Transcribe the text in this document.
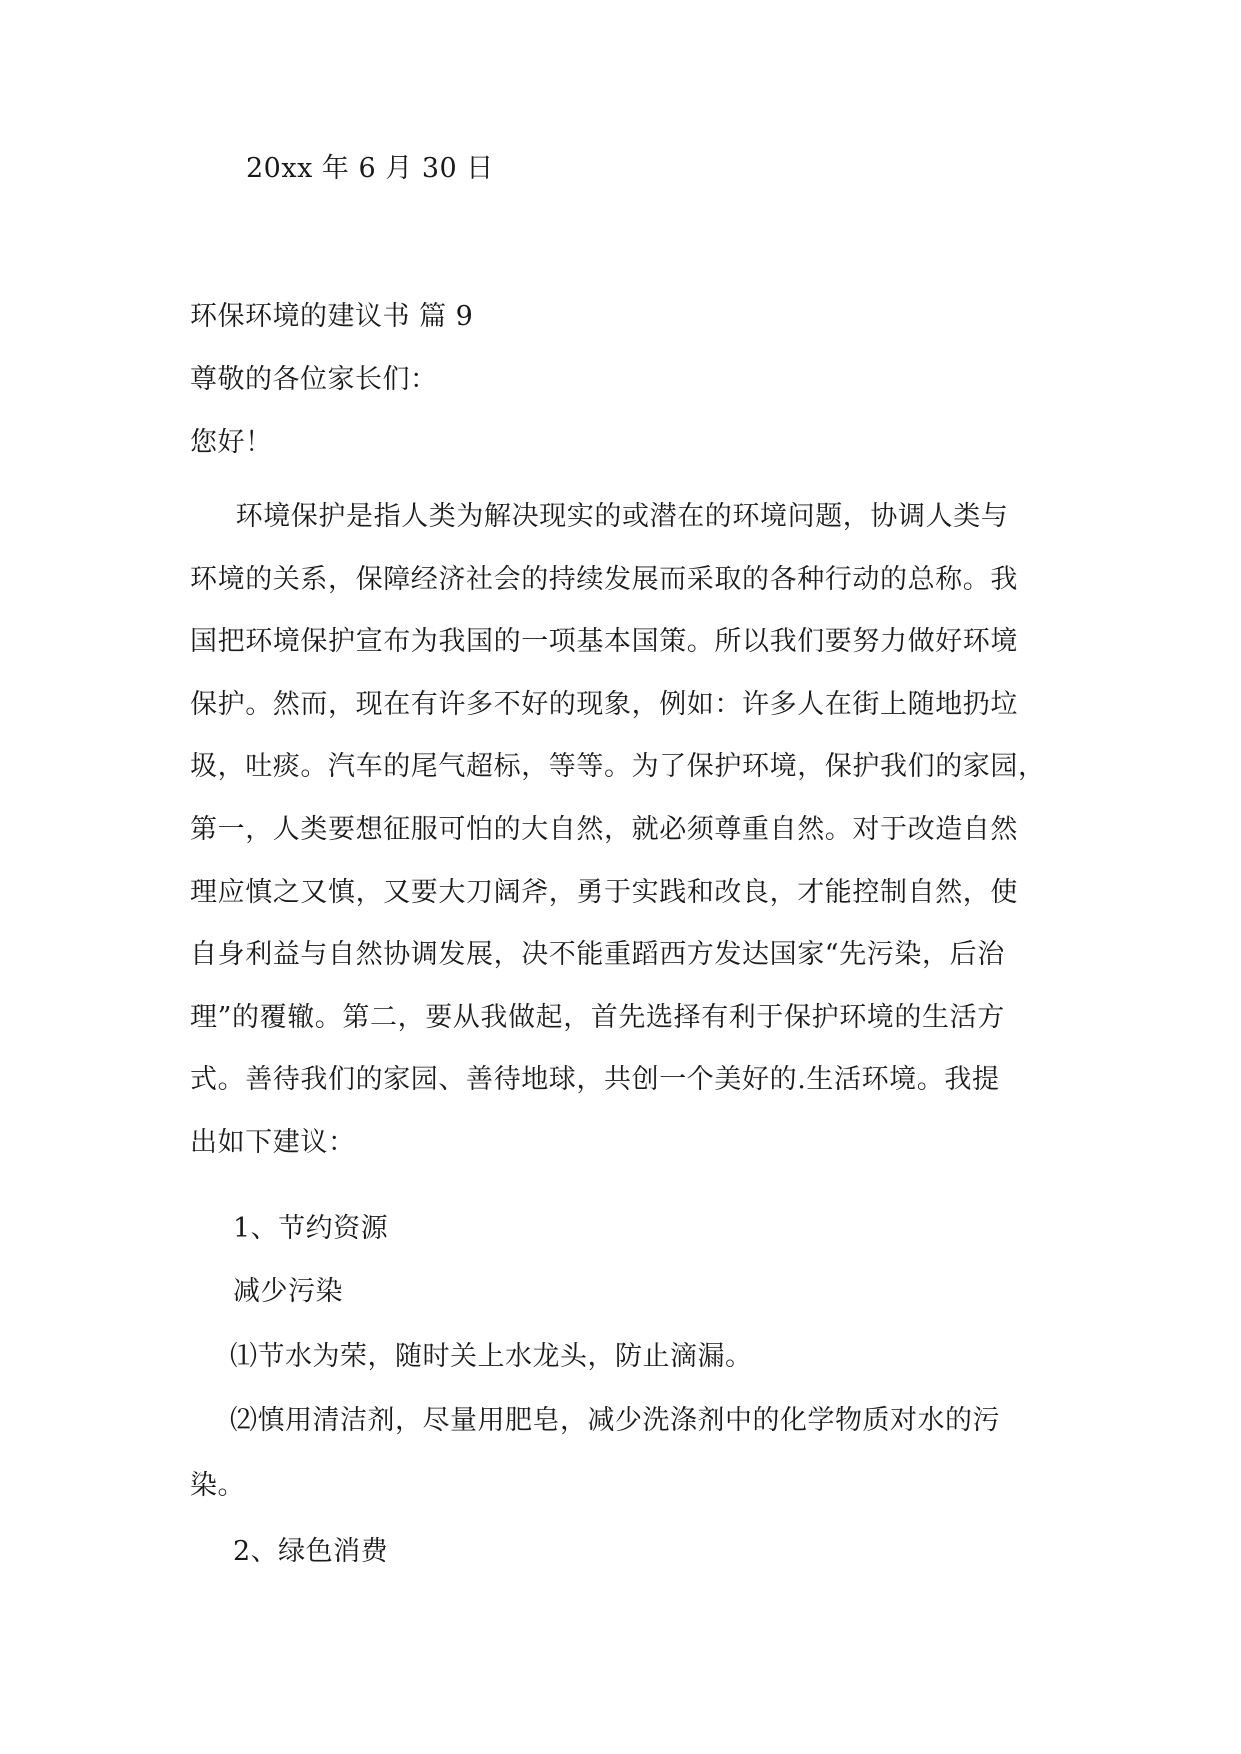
20xx 年 6 月 30 日
环保环境的建议书 篇 9
尊敬的各位家长们：
您好！
　环境保护是指人类为解决现实的或潜在的环境问题，协调人类与
环境的关系，保障经济社会的持续发展而采取的各种行动的总称。我
国把环境保护宣布为我国的一项基本国策。所以我们要努力做好环境
保护。然而，现在有许多不好的现象，例如：许多人在街上随地扔垃
圾，吐痰。汽车的尾气超标，等等。为了保护环境，保护我们的家园，
第一，人类要想征服可怕的大自然，就必须尊重自然。对于改造自然
理应慎之又慎，又要大刀阔斧，勇于实践和改良，才能控制自然，使
自身利益与自然协调发展，决不能重蹈西方发达国家“先污染，后治
理”的覆辙。第二，要从我做起，首先选择有利于保护环境的生活方
式。善待我们的家园、善待地球，共创一个美好的.生活环境。我提
出如下建议：
1、节约资源
减少污染
⑴节水为荣，随时关上水龙头，防止滴漏。
⑵慎用清洁剂，尽量用肥皂，减少洗涤剂中的化学物质对水的污
染。
2、绿色消费
